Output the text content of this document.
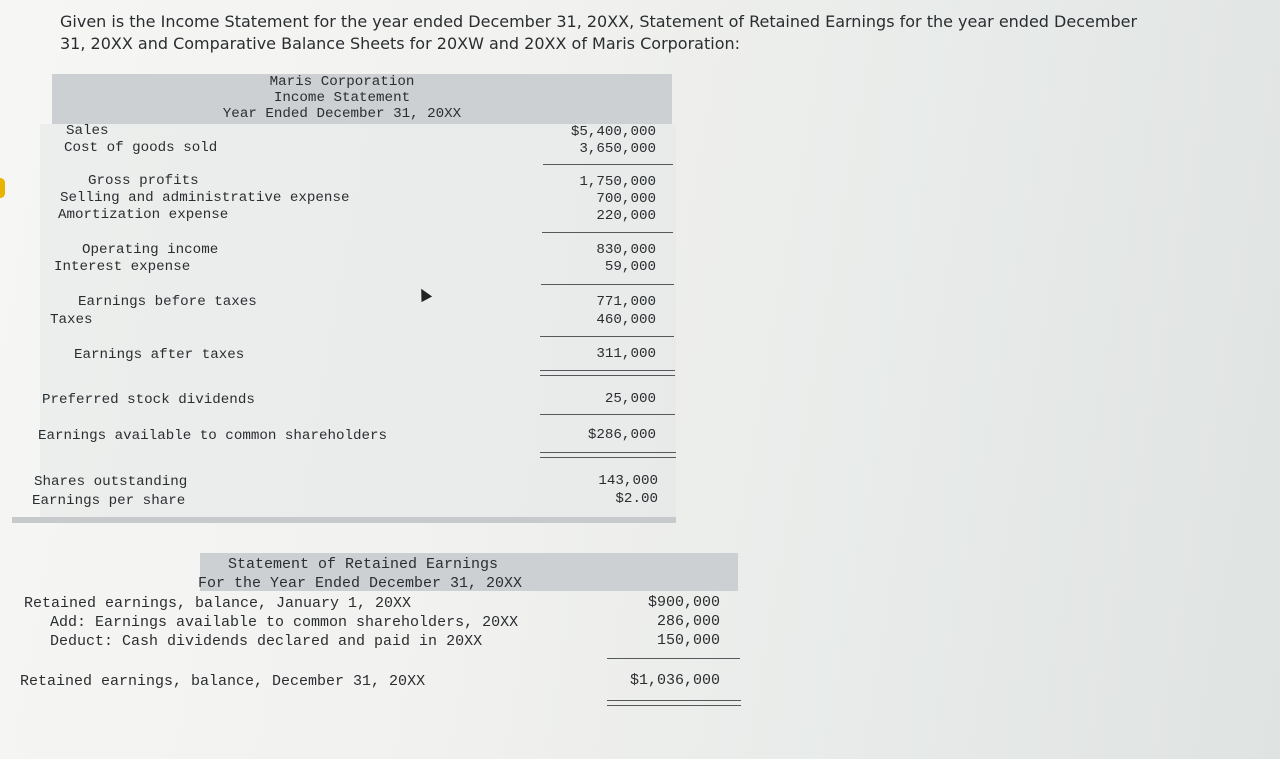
Given is the Income Statement for the year ended December 31, 20XX, Statement of Retained Earnings for the year ended December 31, 20XX and Comparative Balance Sheets for 20XW and 20XX of Maris Corporation:

Maris Corporation
Income Statement
Year Ended December 31, 20XX
Sales	$5,400,000
Cost of goods sold	3,650,000
Gross profits	1,750,000
Selling and administrative expense	700,000
Amortization expense	220,000
Operating income	830,000
Interest expense	59,000
Earnings before taxes	771,000
Taxes	460,000
Earnings after taxes	311,000
Preferred stock dividends	25,000
Earnings available to common shareholders	$286,000
Shares outstanding	143,000
Earnings per share	$2.00
Statement of Retained Earnings
For the Year Ended December 31, 20XX
Retained earnings, balance, January 1, 20XX	$900,000
Add: Earnings available to common shareholders, 20XX	286,000
Deduct: Cash dividends declared and paid in 20XX	150,000
Retained earnings, balance, December 31, 20XX	$1,036,000
